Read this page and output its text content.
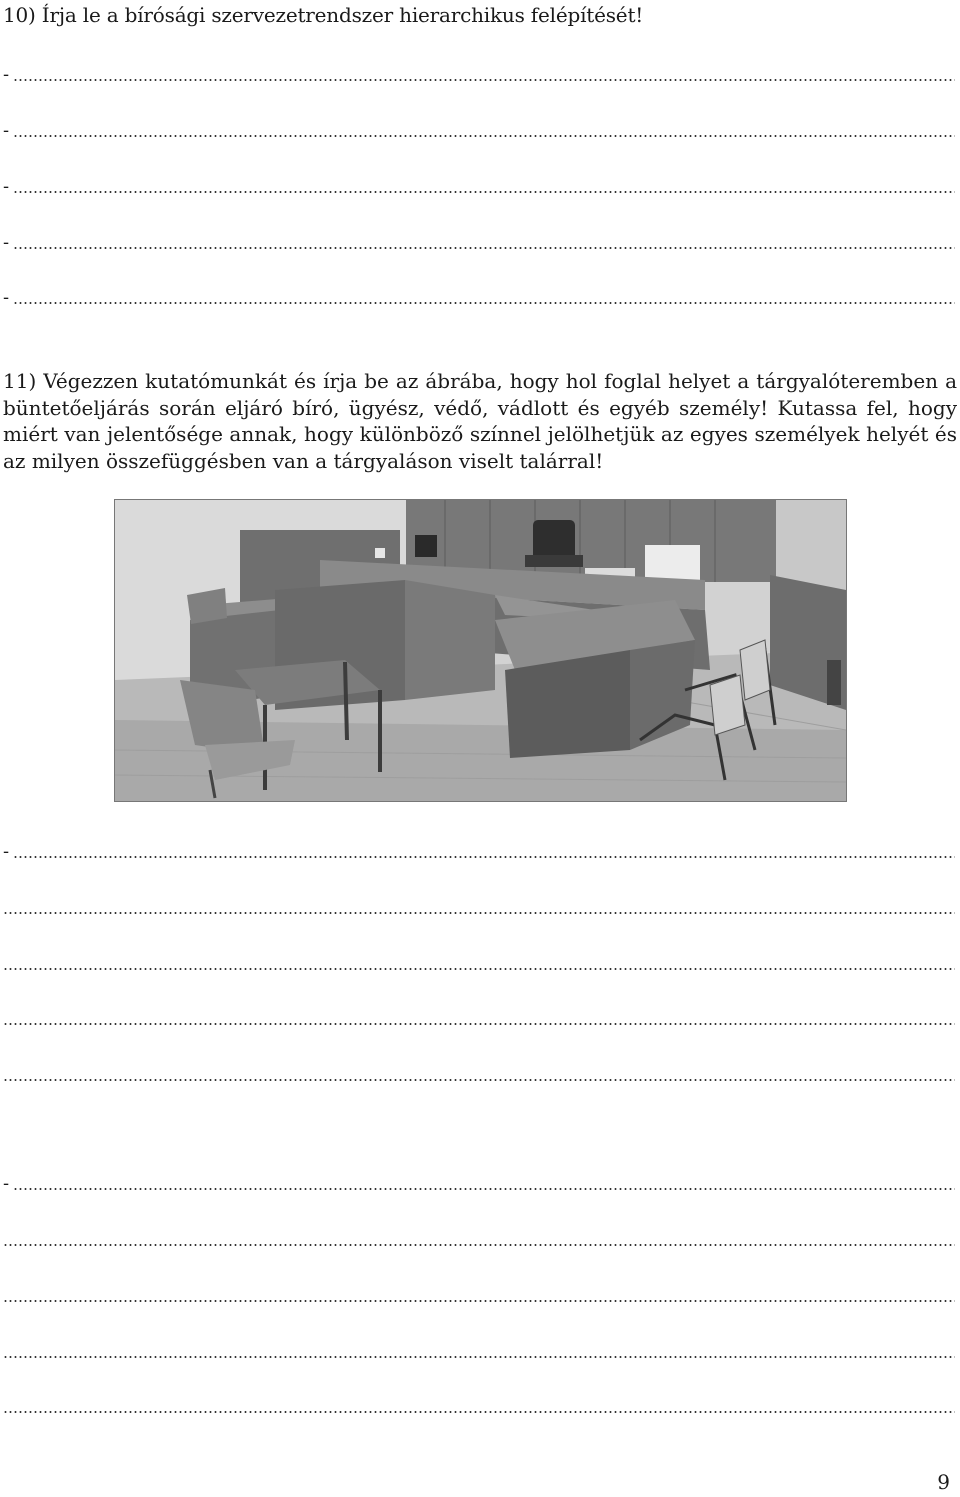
10) Írja le a bírósági szervezetrendszer hierarchikus felépítését!
-
-
-
-
-
11) Végezzen kutatómunkát és írja be az ábrába, hogy hol foglal helyet a tárgyalóteremben a büntetőeljárás során eljáró bíró, ügyész, védő, vádlott és egyéb személy! Kutassa fel, hogy miért van jelentősége annak, hogy különböző színnel jelölhetjük az egyes személyek helyét és az milyen összefüggésben van a tárgyaláson viselt talárral!
-
-
9
